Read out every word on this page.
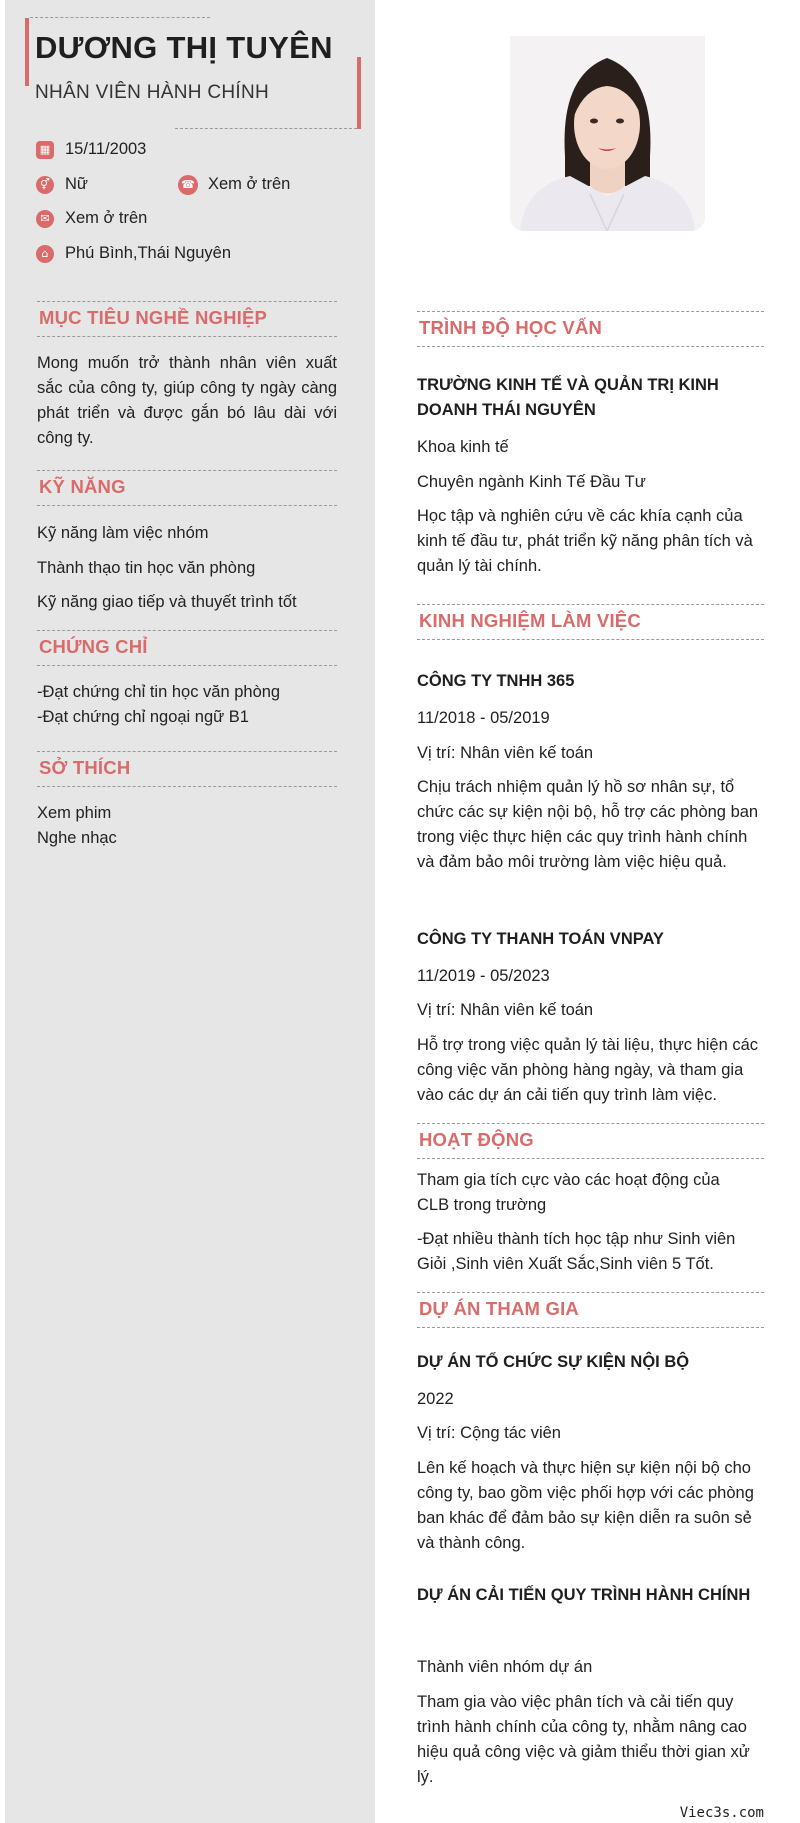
DƯƠNG THỊ TUYÊN
NHÂN VIÊN HÀNH CHÍNH
▦ 15/11/2003
⚥ Nữ	☎ Xem ở trên
✉ Xem ở trên
⌂	Phú Bình,Thái Nguyên
MỤC TIÊU NGHỀ NGHIỆP
Mong muốn trở thành nhân viên xuất sắc của công ty, giúp công ty ngày càng phát triển và được gắn bó lâu dài với công ty.
KỸ NĂNG
Kỹ năng làm việc nhóm
Thành thạo tin học văn phòng
Kỹ năng giao tiếp và thuyết trình tốt
CHỨNG CHỈ
-Đạt chứng chỉ tin học văn phòng
-Đạt chứng chỉ ngoại ngữ B1
SỞ THÍCH
Xem phim
Nghe nhạc
TRÌNH ĐỘ HỌC VẤN
TRƯỜNG KINH TẾ VÀ QUẢN TRỊ KINH DOANH THÁI NGUYÊN
Khoa kinh tế
Chuyên ngành Kinh Tế Đầu Tư
Học tập và nghiên cứu về các khía cạnh của kinh tế đầu tư, phát triển kỹ năng phân tích và quản lý tài chính.
KINH NGHIỆM LÀM VIỆC
CÔNG TY TNHH 365
11/2018 - 05/2019
Vị trí: Nhân viên kế toán
Chịu trách nhiệm quản lý hồ sơ nhân sự, tổ chức các sự kiện nội bộ, hỗ trợ các phòng ban trong việc thực hiện các quy trình hành chính và đảm bảo môi trường làm việc hiệu quả.
CÔNG TY THANH TOÁN VNPAY
11/2019 - 05/2023
Vị trí: Nhân viên kế toán
Hỗ trợ trong việc quản lý tài liệu, thực hiện các công việc văn phòng hàng ngày, và tham gia vào các dự án cải tiến quy trình làm việc.
HOẠT ĐỘNG
Tham gia tích cực vào các hoạt động của CLB trong trường
-Đạt nhiều thành tích học tập như Sinh viên Giỏi ,Sinh viên Xuất Sắc,Sinh viên 5 Tốt.
DỰ ÁN THAM GIA
DỰ ÁN TỔ CHỨC SỰ KIỆN NỘI BỘ
2022
Vị trí: Cộng tác viên
Lên kế hoạch và thực hiện sự kiện nội bộ cho công ty, bao gồm việc phối hợp với các phòng ban khác để đảm bảo sự kiện diễn ra suôn sẻ và thành công.
DỰ ÁN CẢI TIẾN QUY TRÌNH HÀNH CHÍNH
Thành viên nhóm dự án
Tham gia vào việc phân tích và cải tiến quy trình hành chính của công ty, nhằm nâng cao hiệu quả công việc và giảm thiểu thời gian xử lý.
Viec3s.com
